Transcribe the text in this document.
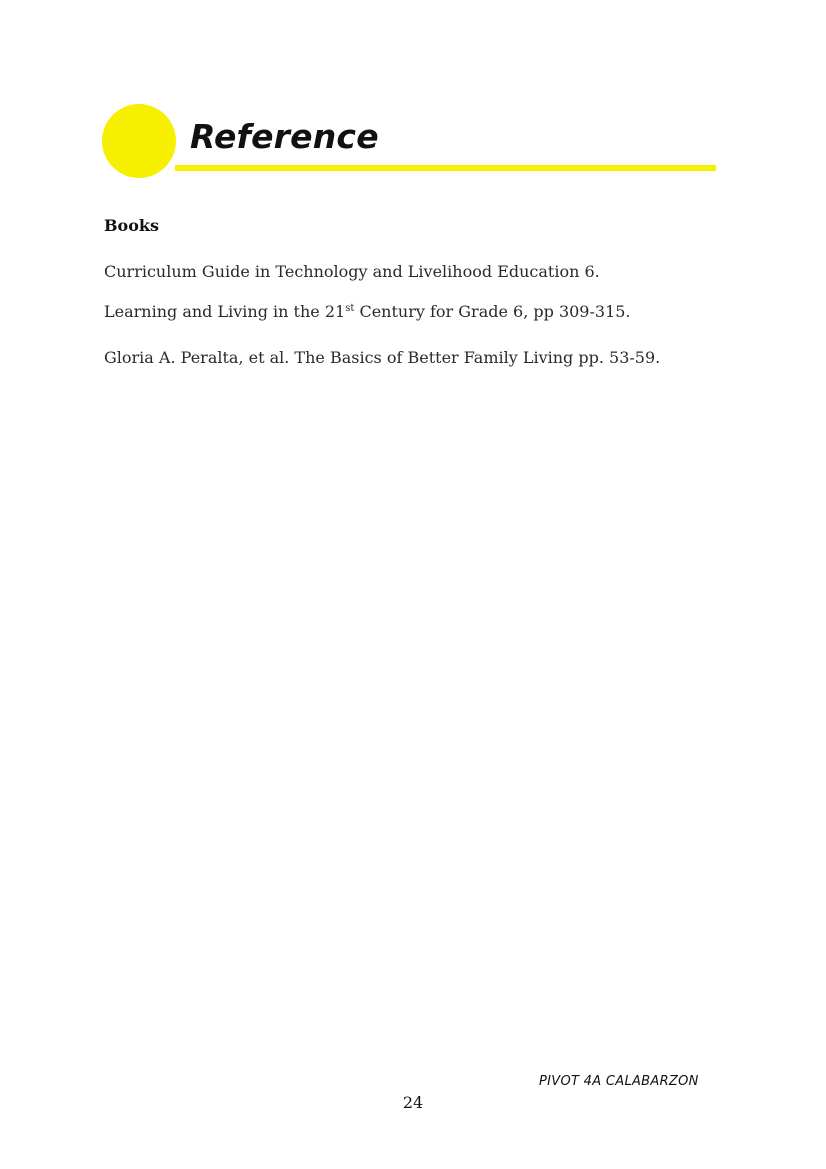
Reference
Books
Curriculum Guide in Technology and Livelihood Education 6.
Learning and Living in the 21st Century for Grade 6, pp 309-315.
Gloria A. Peralta, et al. The Basics of Better Family Living pp. 53-59.
PIVOT 4A CALABARZON
24
